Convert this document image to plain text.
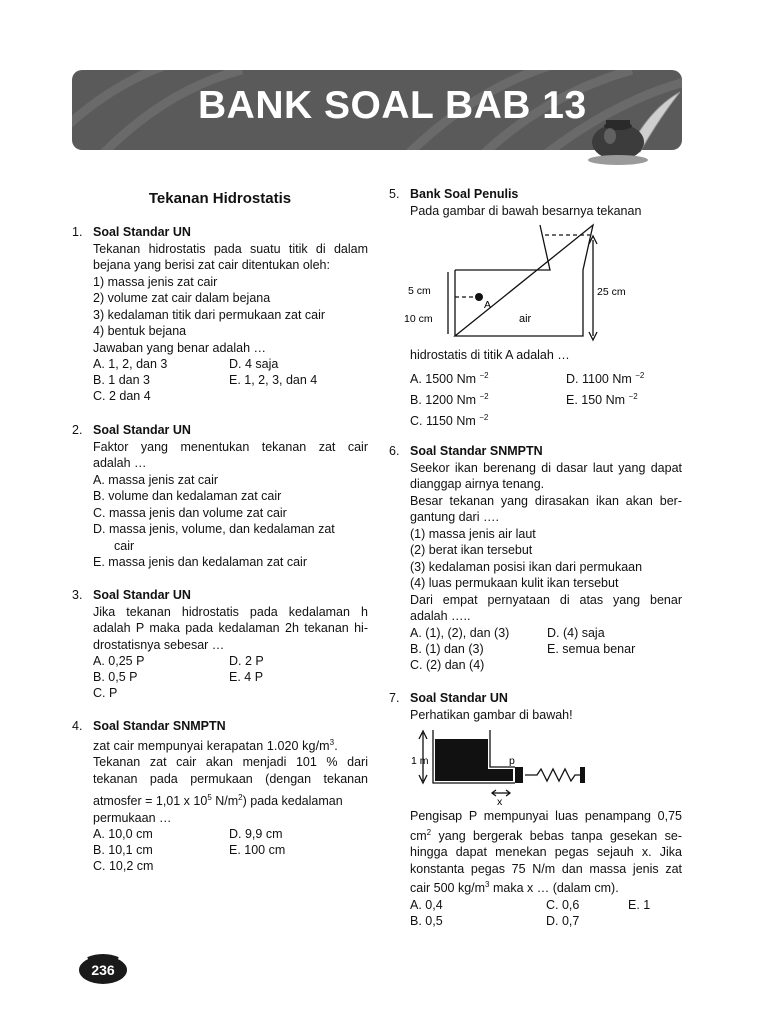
BANK SOAL BAB 13
Tekanan Hidrostatis
1. Soal Standar UN
Tekanan hidrostatis pada suatu titik di dalam
bejana yang berisi zat cair ditentukan oleh:
1) massa jenis zat cair
2) volume zat cair dalam bejana
3) kedalaman titik dari permukaan zat cair
4) bentuk bejana
Jawaban yang benar adalah …
A. 1, 2, dan 3
B. 1 dan 3
C. 2 dan 4
D. 4 saja
E. 1, 2, 3, dan 4
2. Soal Standar UN
Faktor yang menentukan tekanan zat cair
adalah …
A. massa jenis zat cair
B. volume dan kedalaman zat cair
C. massa jenis dan volume zat cair
D. massa jenis, volume, dan kedalaman zat
cair
E. massa jenis dan kedalaman zat cair
3. Soal Standar UN
Jika tekanan hidrostatis pada kedalaman h
adalah P maka pada kedalaman 2h tekanan hi-
drostatisnya sebesar …
A. 0,25 P
B. 0,5 P
C. P
D. 2 P
E. 4 P
4. Soal Standar SNMPTN
zat cair mempunyai kerapatan 1.020 $kg/m^3$.
Tekanan zat cair akan menjadi 101 % dari
tekanan pada permukaan (dengan tekanan
atmosfer = 1,01 x $10^5$ $N/m^2$) pada kedalaman
permukaan …
A. 10,0 cm
B. 10,1 cm
C. 10,2 cm
D. 9,9 cm
E. 100 cm
236
5. Bank Soal Penulis
Pada gambar di bawah besarnya tekanan
5 cm
10 cm
25 cm
A
air
hidrostatis di titik A adalah …
A. 1500 Nm $^{-2}$
B. 1200 Nm $^{-2}$
C. 1150 Nm $^{-2}$
D. 1100 Nm $^{-2}$
E. 150 Nm $^{-2}$
6. Soal Standar SNMPTN
Seekor ikan berenang di dasar laut yang dapat
dianggap airnya tenang.
Besar tekanan yang dirasakan ikan akan ber-
gantung dari ….
(1) massa jenis air laut
(2) berat ikan tersebut
(3) kedalaman posisi ikan dari permukaan
(4) luas permukaan kulit ikan tersebut
Dari empat pernyataan di atas yang benar
adalah …..
A. (1), (2), dan (3)
B. (1) dan (3)
C. (2) dan (4)
D. (4) saja
E. semua benar
7. Soal Standar UN
Perhatikan gambar di bawah!
1 m	p
x
Pengisap P mempunyai luas penampang 0,75
$cm^2$ yang bergerak bebas tanpa gesekan se-
hingga dapat menekan pegas sejauh x. Jika
konstanta pegas 75 N/m dan massa jenis zat
cair 500 $kg/m^3$ maka x … (dalam cm).
A. 0,4
B. 0,5
C. 0,6
D. 0,7
E. 1
